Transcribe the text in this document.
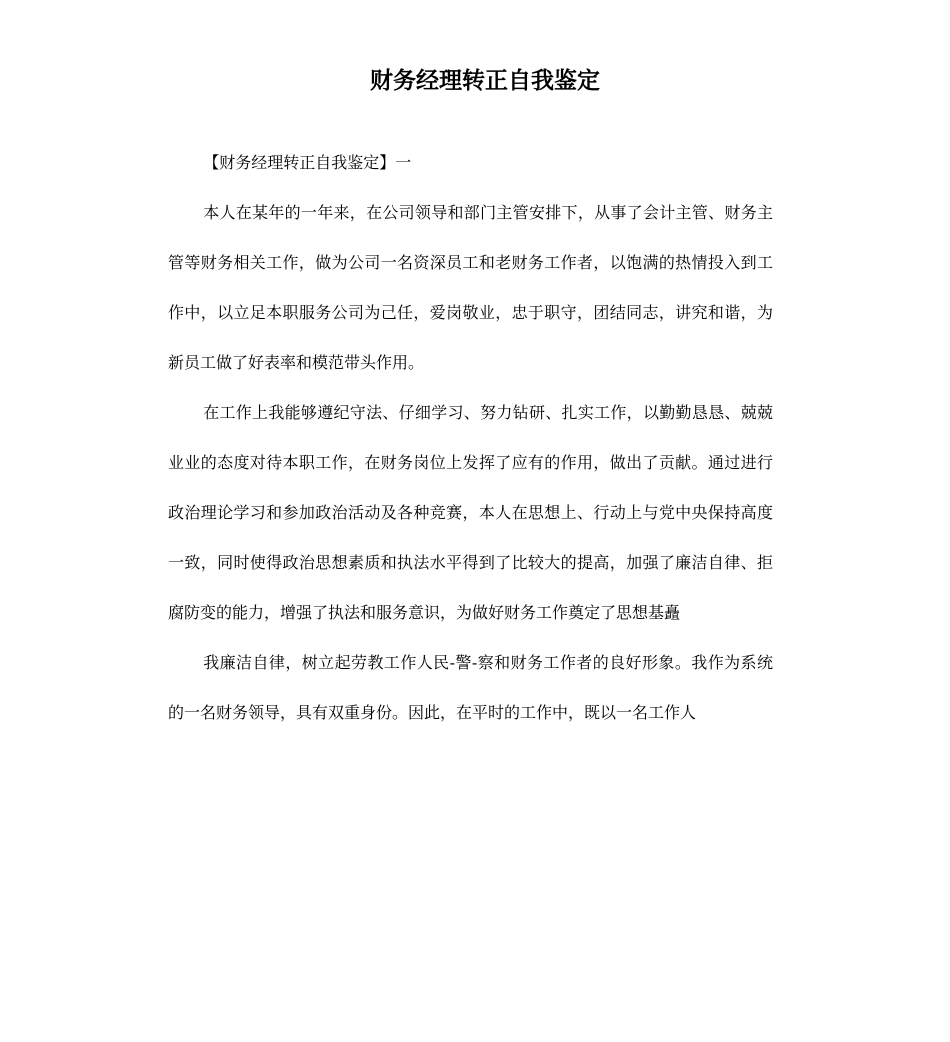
财务经理转正自我鉴定

【财务经理转正自我鉴定】一

本人在某年的一年来，在公司领导和部门主管安排下，从事了会计主管、财务主管等财务相关工作，做为公司一名资深员工和老财务工作者，以饱满的热情投入到工作中，以立足本职服务公司为己任，爱岗敬业，忠于职守，团结同志，讲究和谐，为新员工做了好表率和模范带头作用。

在工作上我能够遵纪守法、仔细学习、努力钻研、扎实工作，以勤勤恳恳、兢兢业业的态度对待本职工作，在财务岗位上发挥了应有的作用，做出了贡献。通过进行政治理论学习和参加政治活动及各种竞赛，本人在思想上、行动上与党中央保持高度一致，同时使得政治思想素质和执法水平得到了比较大的提高，加强了廉洁自律、拒腐防变的能力，增强了执法和服务意识，为做好财务工作奠定了思想基矗

我廉洁自律，树立起劳教工作人民-警-察和财务工作者的良好形象。我作为系统的一名财务领导，具有双重身份。因此，在平时的工作中，既以一名工作人
